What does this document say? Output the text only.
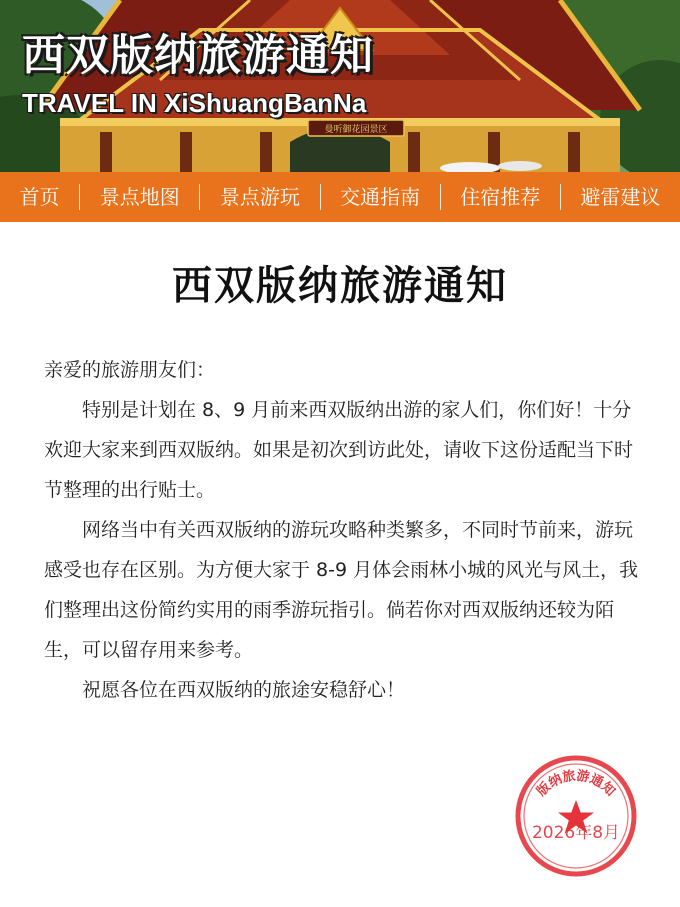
曼听御花园景区
西双版纳旅游通知
TRAVEL IN XiShuangBanNa
首页	景点地图	景点游玩	交通指南	住宿推荐	避雷建议
西双版纳旅游通知

亲爱的旅游朋友们：

特别是计划在 8、9 月前来西双版纳出游的家人们，你们好！十分欢迎大家来到西双版纳。如果是初次到访此处，请收下这份适配当下时节整理的出行贴士。

网络当中有关西双版纳的游玩攻略种类繁多，不同时节前来，游玩感受也存在区别。为方便大家于 8-9 月体会雨林小城的风光与风土，我们整理出这份简约实用的雨季游玩指引。倘若你对西双版纳还较为陌生，可以留存用来参考。

祝愿各位在西双版纳的旅途安稳舒心！

版纳旅游通知
2026年8月
